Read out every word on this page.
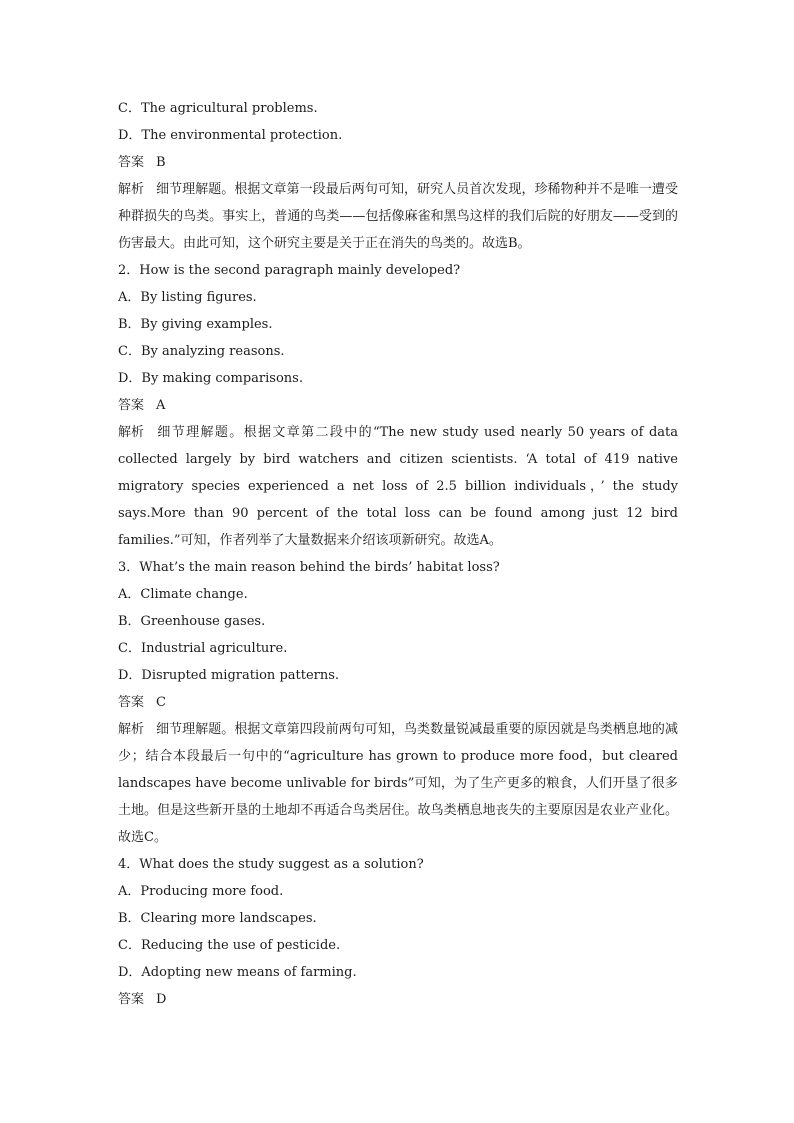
C．The agricultural problems.
D．The environmental protection.
答案 B
解析 细节理解题。根据文章第一段最后两句可知，研究人员首次发现，珍稀物种并不是唯一遭受种群损失的鸟类。事实上，普通的鸟类——包括像麻雀和黑鸟这样的我们后院的好朋友——受到的伤害最大。由此可知，这个研究主要是关于正在消失的鸟类的。故选B。
2．How is the second paragraph mainly developed?
A．By listing figures.
B．By giving examples.
C．By analyzing reasons.
D．By making comparisons.
答案 A
解析 细节理解题。根据文章第二段中的“The new study used nearly 50 years of data collected largely by bird watchers and citizen scientists. ‘A total of 419 native migratory species experienced a net loss of 2.5 billion individuals，’ the study says.More than 90 percent of the total loss can be found among just 12 bird families.”可知，作者列举了大量数据来介绍该项新研究。故选A。
3．What’s the main reason behind the birds’ habitat loss?
A．Climate change.
B．Greenhouse gases.
C．Industrial agriculture.
D．Disrupted migration patterns.
答案 C
解析 细节理解题。根据文章第四段前两句可知，鸟类数量锐减最重要的原因就是鸟类栖息地的减少；结合本段最后一句中的“agriculture has grown to produce more food，but cleared landscapes have become unlivable for birds”可知，为了生产更多的粮食，人们开垦了很多土地。但是这些新开垦的土地却不再适合鸟类居住。故鸟类栖息地丧失的主要原因是农业产业化。故选C。
4．What does the study suggest as a solution?
A．Producing more food.
B．Clearing more landscapes.
C．Reducing the use of pesticide.
D．Adopting new means of farming.
答案 D
